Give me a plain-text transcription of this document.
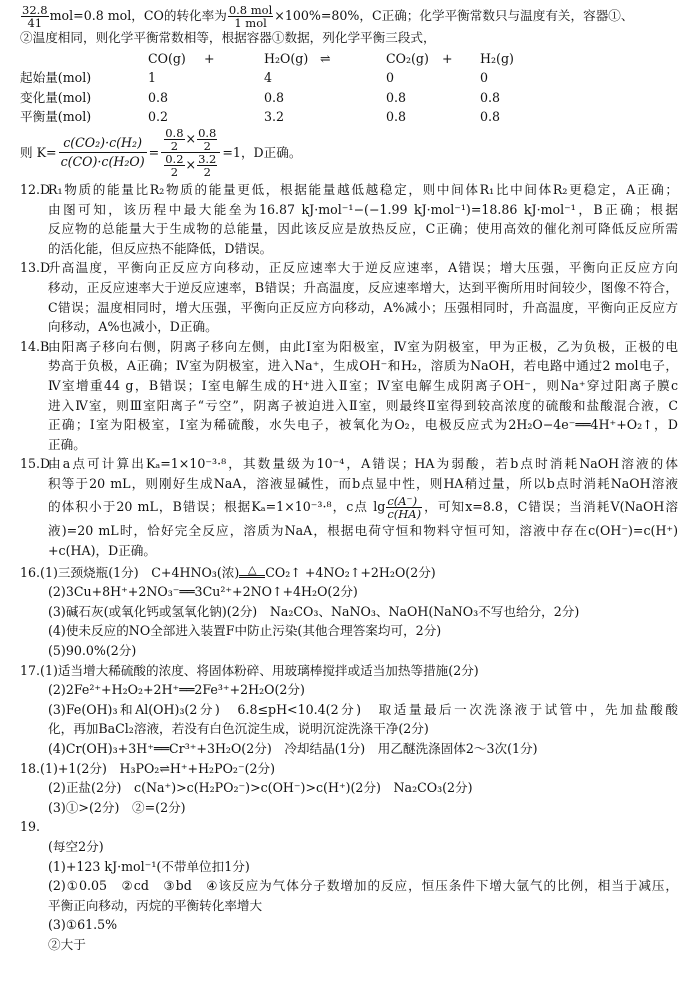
$\frac{32.8}{41} mol=0.8$ mol，CO的转化率为 $\frac{\text{0.8 mol}}{\text{1 mol}} \times 100\%=80\%$，C正确；化学平衡常数只与温度有关，容器①、
②温度相同，则化学平衡常数相等，根据容器①数据，列化学平衡三段式，
	CO(g)	+	H₂O(g)	⇌	CO₂(g)	+	H₂(g)
起始量(mol)	1		4		0		0
变化量(mol)	0.8		0.8		0.8		0.8
平衡量(mol)	0.2		3.2		0.8		0.8
则 $K= \frac{\text{c(CO₂)·c(H₂)}}{\text{c(CO)·c(H₂O)}} = \frac{\frac{0.8}{2} \times \frac{0.8}{2}}{\frac{0.2}{2} \times \frac{3.2}{2}} =1$，D正确。
12.D
R₁物质的能量比R₂物质的能量更低，根据能量越低越稳定，则中间体R₁比中间体R₂更稳定，A正确；
由图可知，该历程中最大能垒为16.87 kJ·mol⁻¹−(−1.99 kJ·mol⁻¹)=18.86 kJ·mol⁻¹，B正确；根据
反应物的总能量大于生成物的总能量，因此该反应是放热反应，C正确；使用高效的催化剂可降低反应所需
的活化能，但反应热不能降低，D错误。
13.D
升高温度，平衡向正反应方向移动，正反应速率大于逆反应速率，A错误；增大压强，平衡向正反应方向
移动，正反应速率大于逆反应速率，B错误；升高温度，反应速率增大，达到平衡所用时间较少，图像不符合，
C错误；温度相同时，增大压强，平衡向正反应方向移动，A%减小；压强相同时，升高温度，平衡向正反应方
向移动，A%也减小，D正确。
14.B
由阳离子移向右侧，阴离子移向左侧，由此Ⅰ室为阳极室，Ⅳ室为阴极室，甲为正极，乙为负极，正极的电
势高于负极，A正确；Ⅳ室为阴极室，进入Na⁺，生成OH⁻和H₂，溶质为NaOH，若电路中通过2 mol电子，
Ⅳ室增重44 g，B错误；Ⅰ室电解生成的H⁺进入Ⅱ室；Ⅳ室电解生成阴离子OH⁻，则Na⁺穿过阳离子膜c
进入Ⅳ室，则Ⅲ室阳离子“亏空”，阴离子被迫进入Ⅱ室，则最终Ⅱ室得到较高浓度的硫酸和盐酸混合液，C
正确；Ⅰ室为阳极室，Ⅰ室为稀硫酸，水失电子，被氧化为O₂，电极反应式为2H₂O−4e⁻══4H⁺+O₂↑，D
正确。
15.D
由a点可计算出Kₐ=1×10⁻³·⁸，其数量级为10⁻⁴，A错误；HA为弱酸，若b点时消耗NaOH溶液的体
积等于20 mL，则刚好生成NaA，溶液显碱性，而b点显中性，则HA稍过量，所以b点时消耗NaOH溶液
的体积小于20 mL，B错误；根据Kₐ=1×10⁻³·⁸，c点 $\lg \frac{c(A^-)}{c(HA)}$ ，可知x=8.8，C错误；当消耗V(NaOH溶
液)=20 mL时，恰好完全反应，溶质为NaA，根据电荷守恒和物料守恒可知，溶液中存在c(OH⁻)=c(H⁺)
+c(HA)，D正确。
16.(1)三颈烧瓶(1分)　C+4HNO₃(浓) △ CO₂↑ +4NO₂↑+2H₂O(2分)
(2)3Cu+8H⁺+2NO₃⁻══3Cu²⁺+2NO↑+4H₂O(2分)
(3)碱石灰(或氧化钙或氢氧化钠)(2分)　Na₂CO₃、NaNO₃、NaOH(NaNO₃不写也给分，2分)
(4)使未反应的NO全部进入装置F中防止污染(其他合理答案均可，2分)
(5)90.0%(2分)
17.(1)适当增大稀硫酸的浓度、将固体粉碎、用玻璃棒搅拌或适当加热等措施(2分)
(2)2Fe²⁺+H₂O₂+2H⁺══2Fe³⁺+2H₂O(2分)
(3)Fe(OH)₃和Al(OH)₃(2分)　6.8≤pH<10.4(2分)　取适量最后一次洗涤液于试管中，先加盐酸酸
化，再加BaCl₂溶液，若没有白色沉淀生成，说明沉淀洗涤干净(2分)
(4)Cr(OH)₃+3H⁺══Cr³⁺+3H₂O(2分)　冷却结晶(1分)　用乙醚洗涤固体2～3次(1分)
18.(1)+1(2分)　H₃PO₂⇌H⁺+H₂PO₂⁻(2分)
(2)正盐(2分)　c(Na⁺)>c(H₂PO₂⁻)>c(OH⁻)>c(H⁺)(2分)　Na₂CO₃(2分)
(3)①>(2分)　②=(2分)
19.
(每空2分)
(1)+123 kJ·mol⁻¹(不带单位扣1分)
(2)①0.05　②cd　③bd　④该反应为气体分子数增加的反应，恒压条件下增大氩气的比例，相当于减压，
平衡正向移动，丙烷的平衡转化率增大
(3)①61.5%
②大于
